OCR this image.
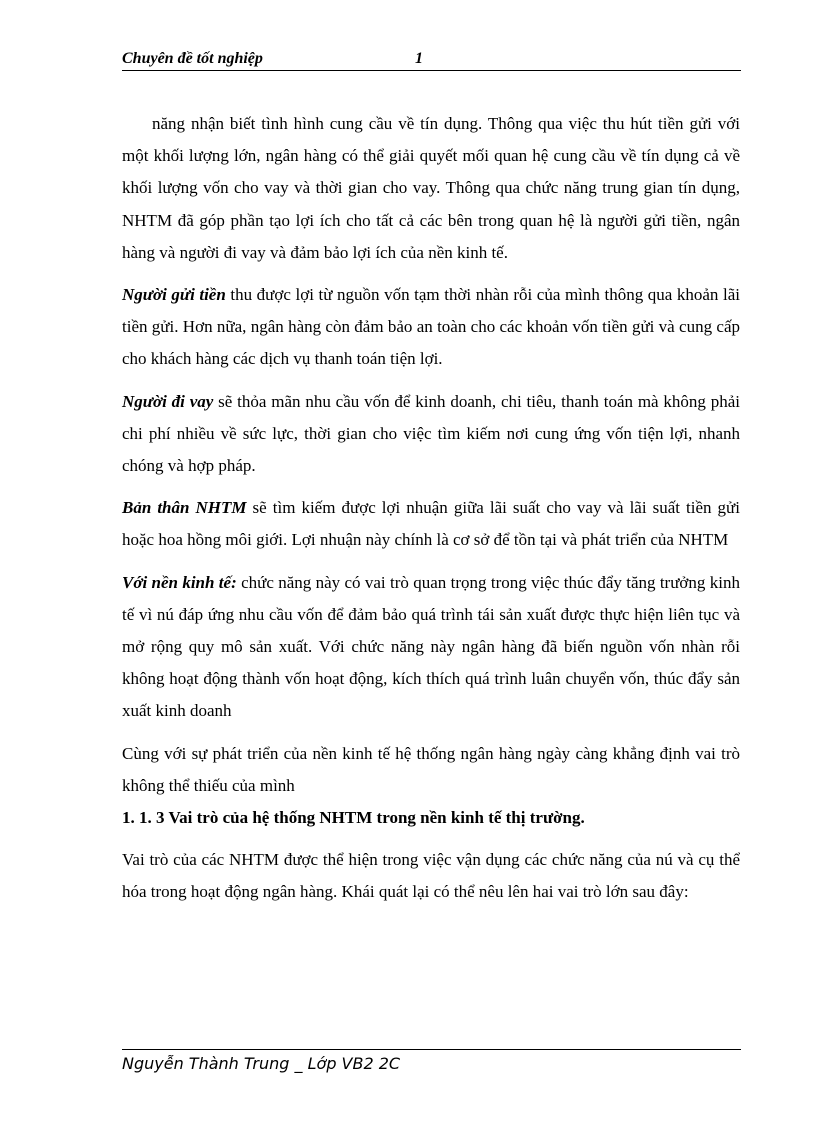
Chuyên đề tốt nghiệp	1

năng nhận biết tình hình cung cầu về tín dụng. Thông qua việc thu hút tiền gửi với một khối lượng lớn, ngân hàng có thể giải quyết mối quan hệ cung cầu về tín dụng cả về khối lượng vốn cho vay và thời gian cho vay. Thông qua chức năng trung gian tín dụng, NHTM đã góp phần tạo lợi ích cho tất cả các bên trong quan hệ là người gửi tiền, ngân hàng và người đi vay và đảm bảo lợi ích của nền kinh tế.

Người gửi tiền thu được lợi từ nguồn vốn tạm thời nhàn rỗi của mình thông qua khoản lãi tiền gửi. Hơn nữa, ngân hàng còn đảm bảo an toàn cho các khoản vốn tiền gửi và cung cấp cho khách hàng các dịch vụ thanh toán tiện lợi.

Người đi vay sẽ thỏa mãn nhu cầu vốn để kinh doanh, chi tiêu, thanh toán mà không phải chi phí nhiều về sức lực, thời gian cho việc tìm kiếm nơi cung ứng vốn tiện lợi, nhanh chóng và hợp pháp.

Bản thân NHTM sẽ tìm kiếm được lợi nhuận giữa lãi suất cho vay và lãi suất tiền gửi hoặc hoa hồng môi giới. Lợi nhuận này chính là cơ sở để tồn tại và phát triển của NHTM

Với nền kinh tế: chức năng này có vai trò quan trọng trong việc thúc đẩy tăng trưởng kinh tế vì nú đáp ứng nhu cầu vốn để đảm bảo quá trình tái sản xuất được thực hiện liên tục và mở rộng quy mô sản xuất. Với chức năng này ngân hàng đã biến nguồn vốn nhàn rỗi không hoạt động thành vốn hoạt động, kích thích quá trình luân chuyển vốn, thúc đẩy sản xuất kinh doanh

Cùng với sự phát triển của nền kinh tế hệ thống ngân hàng ngày càng khẳng định vai trò không thể thiếu của mình

1. 1. 3 Vai trò của hệ thống NHTM trong nền kinh tế thị trường.

Vai trò của các NHTM được thể hiện trong việc vận dụng các chức năng của nú và cụ thể hóa trong hoạt động ngân hàng. Khái quát lại có thể nêu lên hai vai trò lớn sau đây:

Nguyễn Thành Trung _ Lớp VB2 2C
